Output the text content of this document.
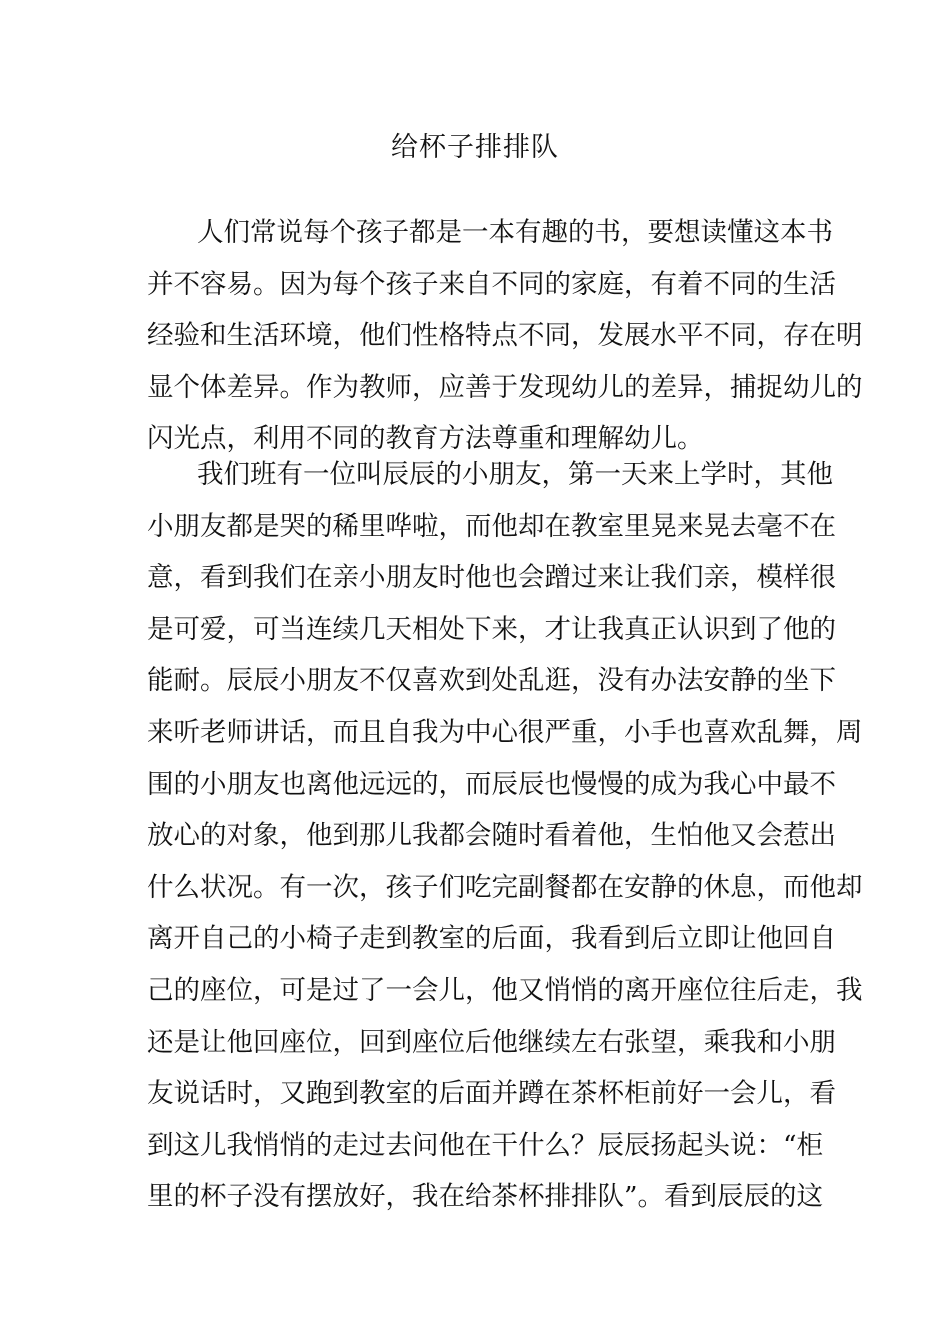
给杯子排排队
人们常说每个孩子都是一本有趣的书，要想读懂这本书
并不容易。因为每个孩子来自不同的家庭，有着不同的生活
经验和生活环境，他们性格特点不同，发展水平不同，存在明
显个体差异。作为教师，应善于发现幼儿的差异，捕捉幼儿的
闪光点，利用不同的教育方法尊重和理解幼儿。
我们班有一位叫辰辰的小朋友，第一天来上学时，其他
小朋友都是哭的稀里哗啦，而他却在教室里晃来晃去毫不在
意，看到我们在亲小朋友时他也会蹭过来让我们亲，模样很
是可爱，可当连续几天相处下来，才让我真正认识到了他的
能耐。辰辰小朋友不仅喜欢到处乱逛，没有办法安静的坐下
来听老师讲话，而且自我为中心很严重，小手也喜欢乱舞，周
围的小朋友也离他远远的，而辰辰也慢慢的成为我心中最不
放心的对象，他到那儿我都会随时看着他，生怕他又会惹出
什么状况。有一次，孩子们吃完副餐都在安静的休息，而他却
离开自己的小椅子走到教室的后面，我看到后立即让他回自
己的座位，可是过了一会儿，他又悄悄的离开座位往后走，我
还是让他回座位，回到座位后他继续左右张望，乘我和小朋
友说话时，又跑到教室的后面并蹲在茶杯柜前好一会儿，看
到这儿我悄悄的走过去问他在干什么？辰辰扬起头说：“柜
里的杯子没有摆放好，我在给茶杯排排队”。看到辰辰的这
